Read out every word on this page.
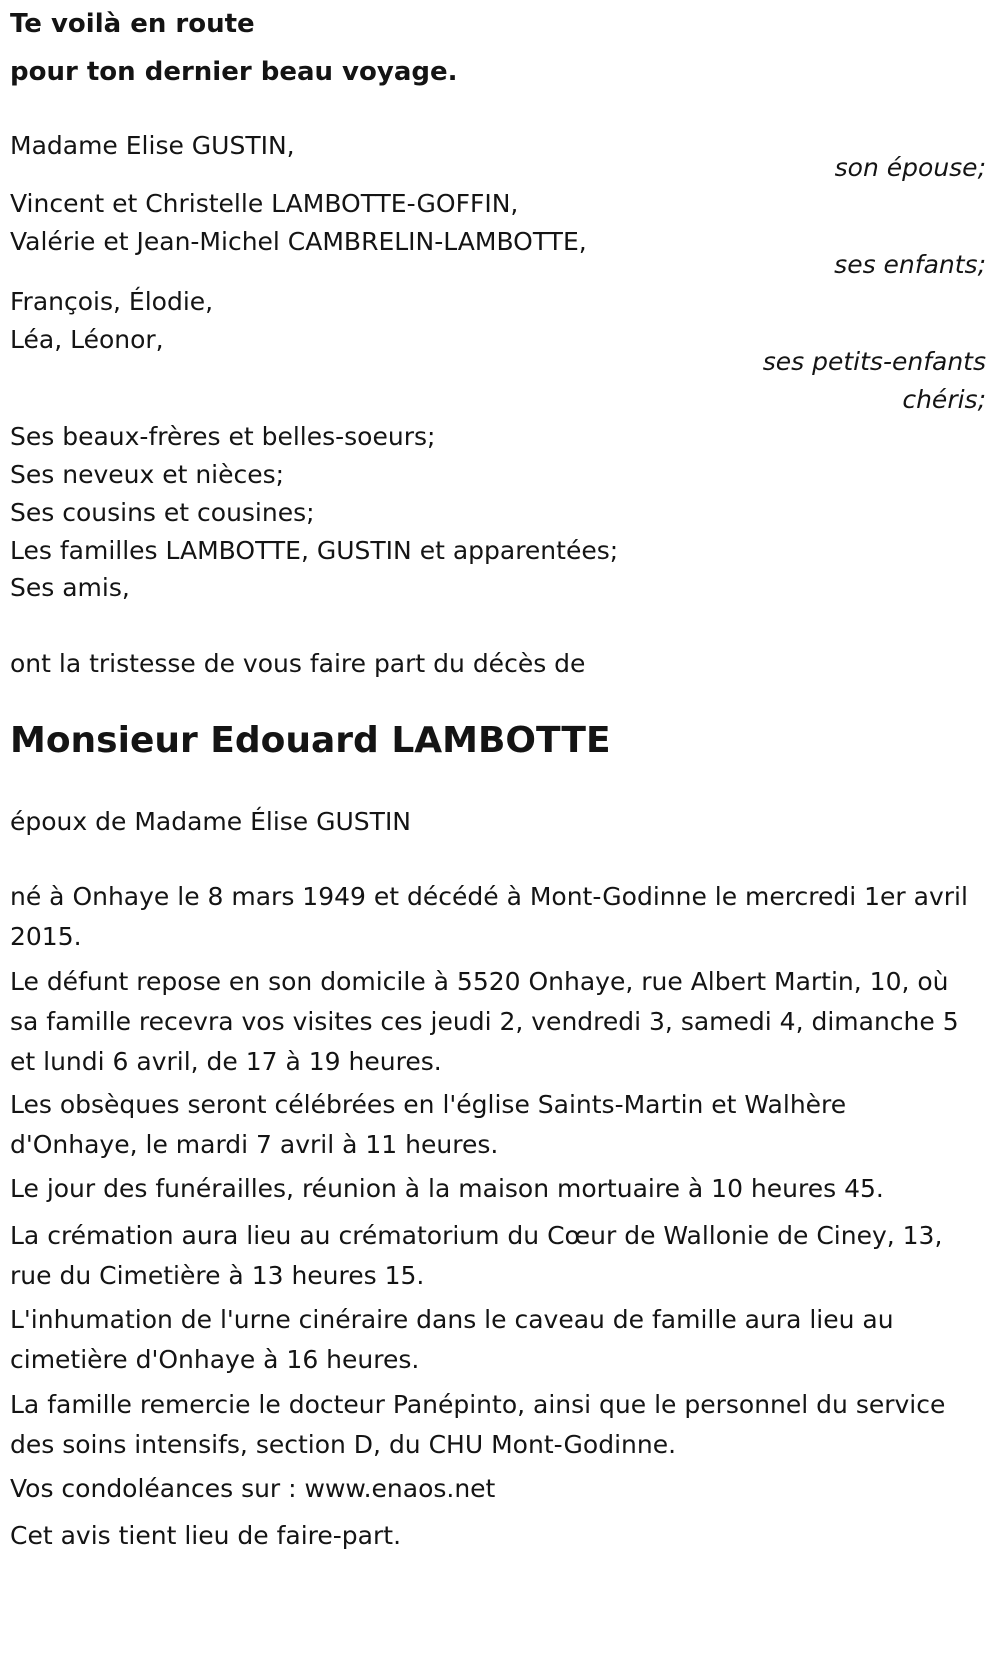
Te voilà en route
pour ton dernier beau voyage.
Madame Elise GUSTIN,
son épouse;
Vincent et Christelle LAMBOTTE-GOFFIN,
Valérie et Jean-Michel CAMBRELIN-LAMBOTTE,
ses enfants;
François, Élodie,
Léa, Léonor,
ses petits-enfants
chéris;
Ses beaux-frères et belles-soeurs;
Ses neveux et nièces;
Ses cousins et cousines;
Les familles LAMBOTTE, GUSTIN et apparentées;
Ses amis,
ont la tristesse de vous faire part du décès de
Monsieur Edouard LAMBOTTE
époux de Madame Élise GUSTIN
né à Onhaye le 8 mars 1949 et décédé à Mont-Godinne le mercredi 1er avril 2015.
Le défunt repose en son domicile à 5520 Onhaye, rue Albert Martin, 10, où sa famille recevra vos visites ces jeudi 2, vendredi 3, samedi 4, dimanche 5 et lundi 6 avril, de 17 à 19 heures.
Les obsèques seront célébrées en l'église Saints-Martin et Walhère d'Onhaye, le mardi 7 avril à 11 heures.
Le jour des funérailles, réunion à la maison mortuaire à 10 heures 45.
La crémation aura lieu au crématorium du Cœur de Wallonie de Ciney, 13, rue du Cimetière à 13 heures 15.
L'inhumation de l'urne cinéraire dans le caveau de famille aura lieu au cimetière d'Onhaye à 16 heures.
La famille remercie le docteur Panépinto, ainsi que le personnel du service des soins intensifs, section D, du CHU Mont-Godinne.
Vos condoléances sur : www.enaos.net
Cet avis tient lieu de faire-part.
